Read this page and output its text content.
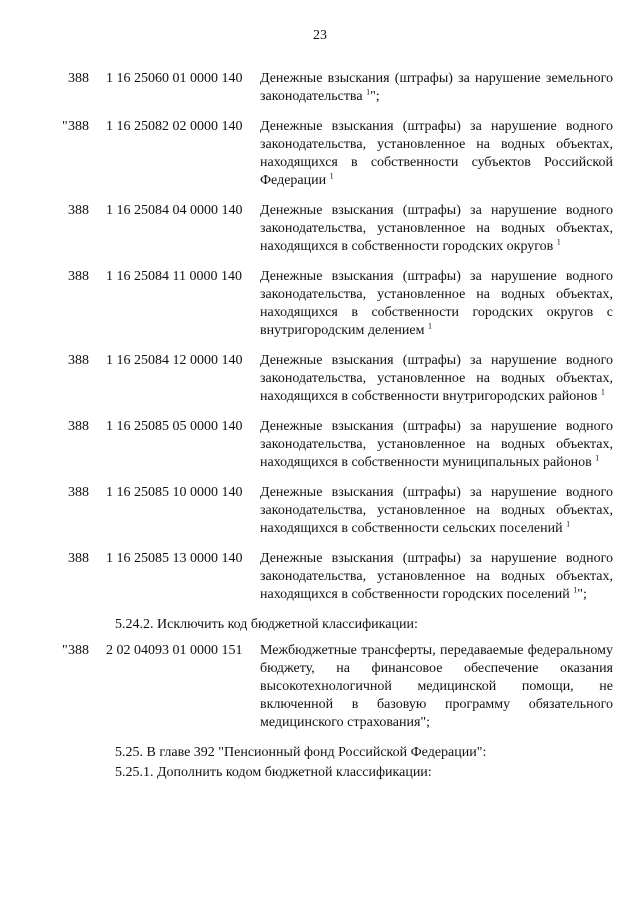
23
388 1 16 25060 01 0000 140 Денежные взыскания (штрафы) за нарушение земельного законодательства $^1$";
" 388 1 16 25082 02 0000 140 Денежные взыскания (штрафы) за нарушение водного законодательства, установленное на водных объектах, находящихся в собственности субъектов Российской Федерации $^1$
388 1 16 25084 04 0000 140 Денежные взыскания (штрафы) за нарушение водного законодательства, установленное на водных объектах, находящихся в собственности городских округов $^1$
388 1 16 25084 11 0000 140 Денежные взыскания (штрафы) за нарушение водного законодательства, установленное на водных объектах, находящихся в собственности городских округов с внутригородским делением $^1$
388 1 16 25084 12 0000 140 Денежные взыскания (штрафы) за нарушение водного законодательства, установленное на водных объектах, находящихся в собственности внутригородских районов $^1$
388 1 16 25085 05 0000 140 Денежные взыскания (штрафы) за нарушение водного законодательства, установленное на водных объектах, находящихся в собственности муниципальных районов $^1$
388 1 16 25085 10 0000 140 Денежные взыскания (штрафы) за нарушение водного законодательства, установленное на водных объектах, находящихся в собственности сельских поселений $^1$
388 1 16 25085 13 0000 140 Денежные взыскания (штрафы) за нарушение водного законодательства, установленное на водных объектах, находящихся в собственности городских поселений $^1$";

5.24.2. Исключить код бюджетной классификации:

" 388 2 02 04093 01 0000 151 Межбюджетные трансферты, передаваемые федеральному бюджету, на финансовое обеспечение оказания высокотехнологичной медицинской помощи, не включенной в базовую программу обязательного медицинского страхования";

5.25. В главе 392 "Пенсионный фонд Российской Федерации":

5.25.1. Дополнить кодом бюджетной классификации:
